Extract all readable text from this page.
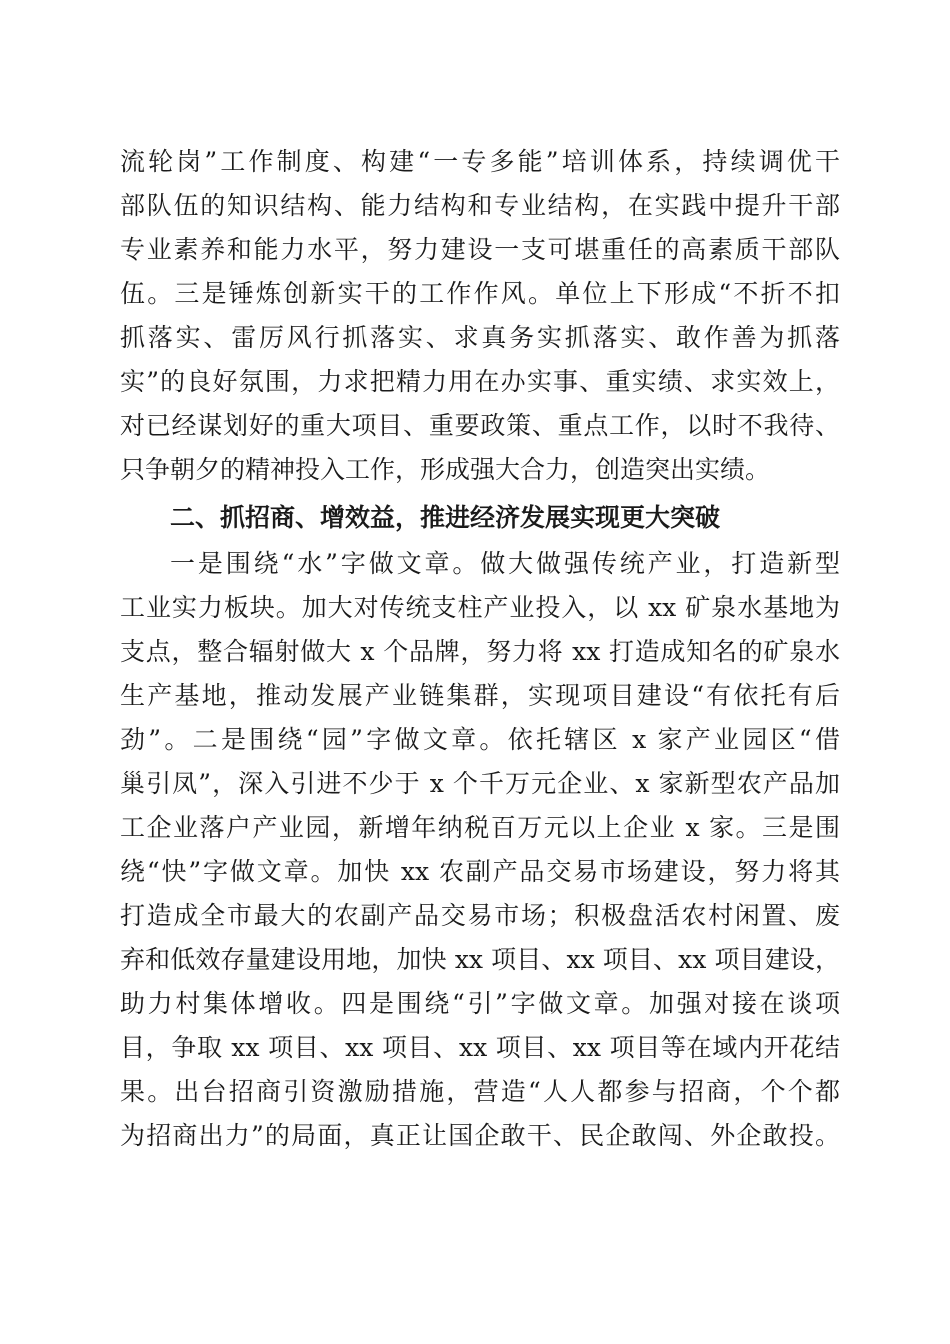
流轮岗”工作制度、构建“一专多能”培训体系，持续调优干
部队伍的知识结构、能力结构和专业结构，在实践中提升干部
专业素养和能力水平，努力建设一支可堪重任的高素质干部队
伍。三是锤炼创新实干的工作作风。单位上下形成“不折不扣
抓落实、雷厉风行抓落实、求真务实抓落实、敢作善为抓落
实”的良好氛围，力求把精力用在办实事、重实绩、求实效上，
对已经谋划好的重大项目、重要政策、重点工作，以时不我待、
只争朝夕的精神投入工作，形成强大合力，创造突出实绩。
二、抓招商、增效益，推进经济发展实现更大突破
一是围绕“水”字做文章。做大做强传统产业，打造新型
工业实力板块。加大对传统支柱产业投入，以 xx 矿泉水基地为
支点，整合辐射做大 x 个品牌，努力将 xx 打造成知名的矿泉水
生产基地，推动发展产业链集群，实现项目建设“有依托有后
劲”。二是围绕“园”字做文章。依托辖区 x 家产业园区“借
巢引凤”，深入引进不少于 x 个千万元企业、x 家新型农产品加
工企业落户产业园，新增年纳税百万元以上企业 x 家。三是围
绕“快”字做文章。加快 xx 农副产品交易市场建设，努力将其
打造成全市最大的农副产品交易市场；积极盘活农村闲置、废
弃和低效存量建设用地，加快 xx 项目、xx 项目、xx 项目建设，
助力村集体增收。四是围绕“引”字做文章。加强对接在谈项
目，争取 xx 项目、xx 项目、xx 项目、xx 项目等在域内开花结
果。出台招商引资激励措施，营造“人人都参与招商，个个都
为招商出力”的局面，真正让国企敢干、民企敢闯、外企敢投。
